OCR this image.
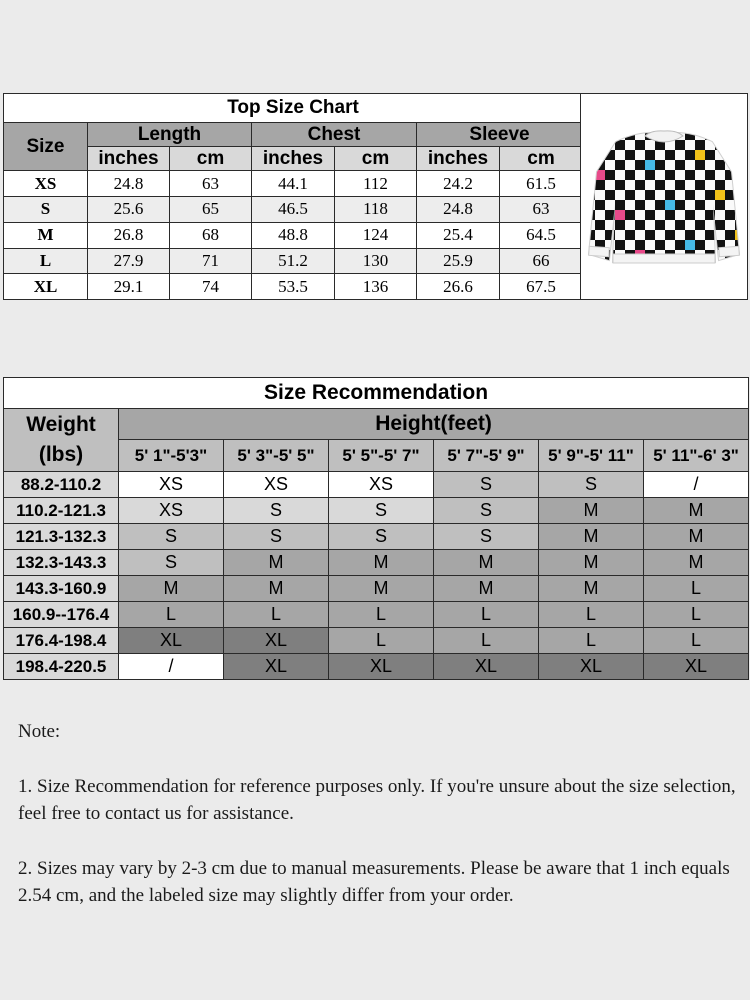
Top Size Chart						
Size	Length		Chest		Sleeve	
	inches	cm	inches	cm	inches	cm
XS	24.8	63	44.1	112	24.2	61.5
S	25.6	65	46.5	118	24.8	63
M	26.8	68	48.8	124	25.4	64.5
L	27.9	71	51.2	130	25.9	66
XL	29.1	74	53.5	136	26.6	67.5
Size Recommendation						
Weight (lbs)	Height(feet)					
	5' 1"-5'3"	5' 3"-5' 5"	5' 5"-5' 7"	5' 7"-5' 9"	5' 9"-5' 11"	5' 11"-6' 3"
88.2-110.2	XS	XS	XS	S	S	/
110.2-121.3	XS	S	S	S	M	M
121.3-132.3	S	S	S	S	M	M
132.3-143.3	S	M	M	M	M	M
143.3-160.9	M	M	M	M	M	L
160.9--176.4	L	L	L	L	L	L
176.4-198.4	XL	XL	L	L	L	L
198.4-220.5	/	XL	XL	XL	XL	XL
Note:
1. Size Recommendation for reference purposes only. If you're unsure about the size selection, feel free to contact us for assistance.
2. Sizes may vary by 2-3 cm due to manual measurements. Please be aware that 1 inch equals 2.54 cm, and the labeled size may slightly differ from your order.
